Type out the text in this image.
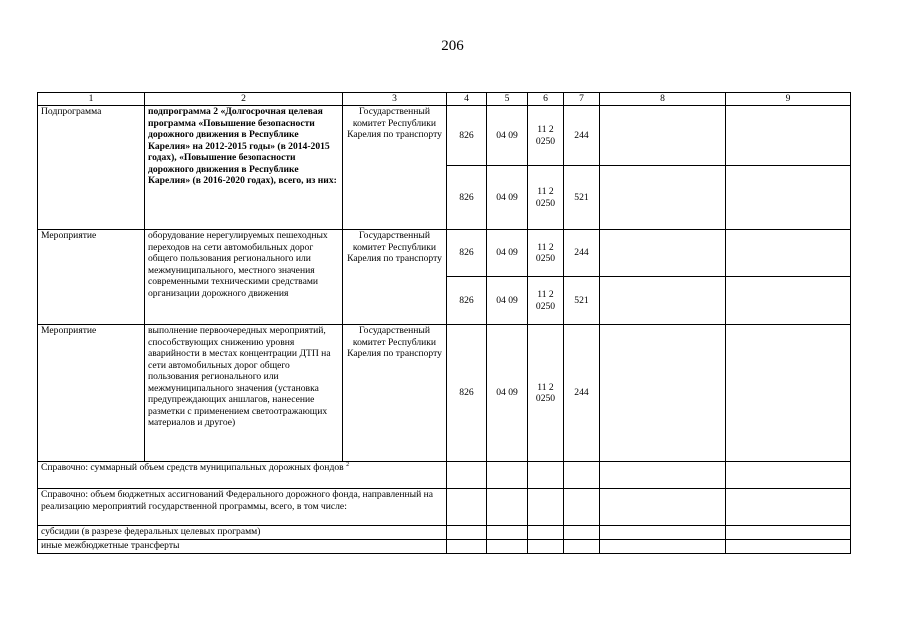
206
1	2	3	4	5	6	7	8	9
Подпрограмма	подпрограмма 2 «Долгосрочная целевая программа «Повышение безопасности дорожного движения в Республике Карелия» на 2012-2015 годы» (в 2014-2015 годах), «Повышение безопасности дорожного движения в Республике Карелия» (в 2016-2020 годах), всего, из них:	Государственный комитет Республики Карелия по транспорту	826	04 09	11 2 0250	244		
			826	04 09	11 2 0250	521		
Мероприятие	оборудование нерегулируемых пешеходных переходов на сети автомобильных дорог общего пользования регионального или межмуниципального, местного значения современными техническими средствами организации дорожного движения	Государственный комитет Республики Карелия по транспорту	826	04 09	11 2 0250	244		
			826	04 09	11 2 0250	521		
Мероприятие	выполнение первоочередных мероприятий, способствующих снижению уровня аварийности в местах концентрации ДТП на сети автомобильных дорог общего пользования регионального или межмуниципального значения (установка предупреждающих аншлагов, нанесение разметки с применением светоотражающих материалов и другое)	Государственный комитет Республики Карелия по транспорту	826	04 09	11 2 0250	244		
Справочно: суммарный объем средств муниципальных дорожных фондов $^2$						
Справочно: объем бюджетных ассигнований Федерального дорожного фонда, направленный на реализацию мероприятий государственной программы, всего, в том числе:								
субсидии (в разрезе федеральных целевых программ)								
иные межбюджетные трансферты								
